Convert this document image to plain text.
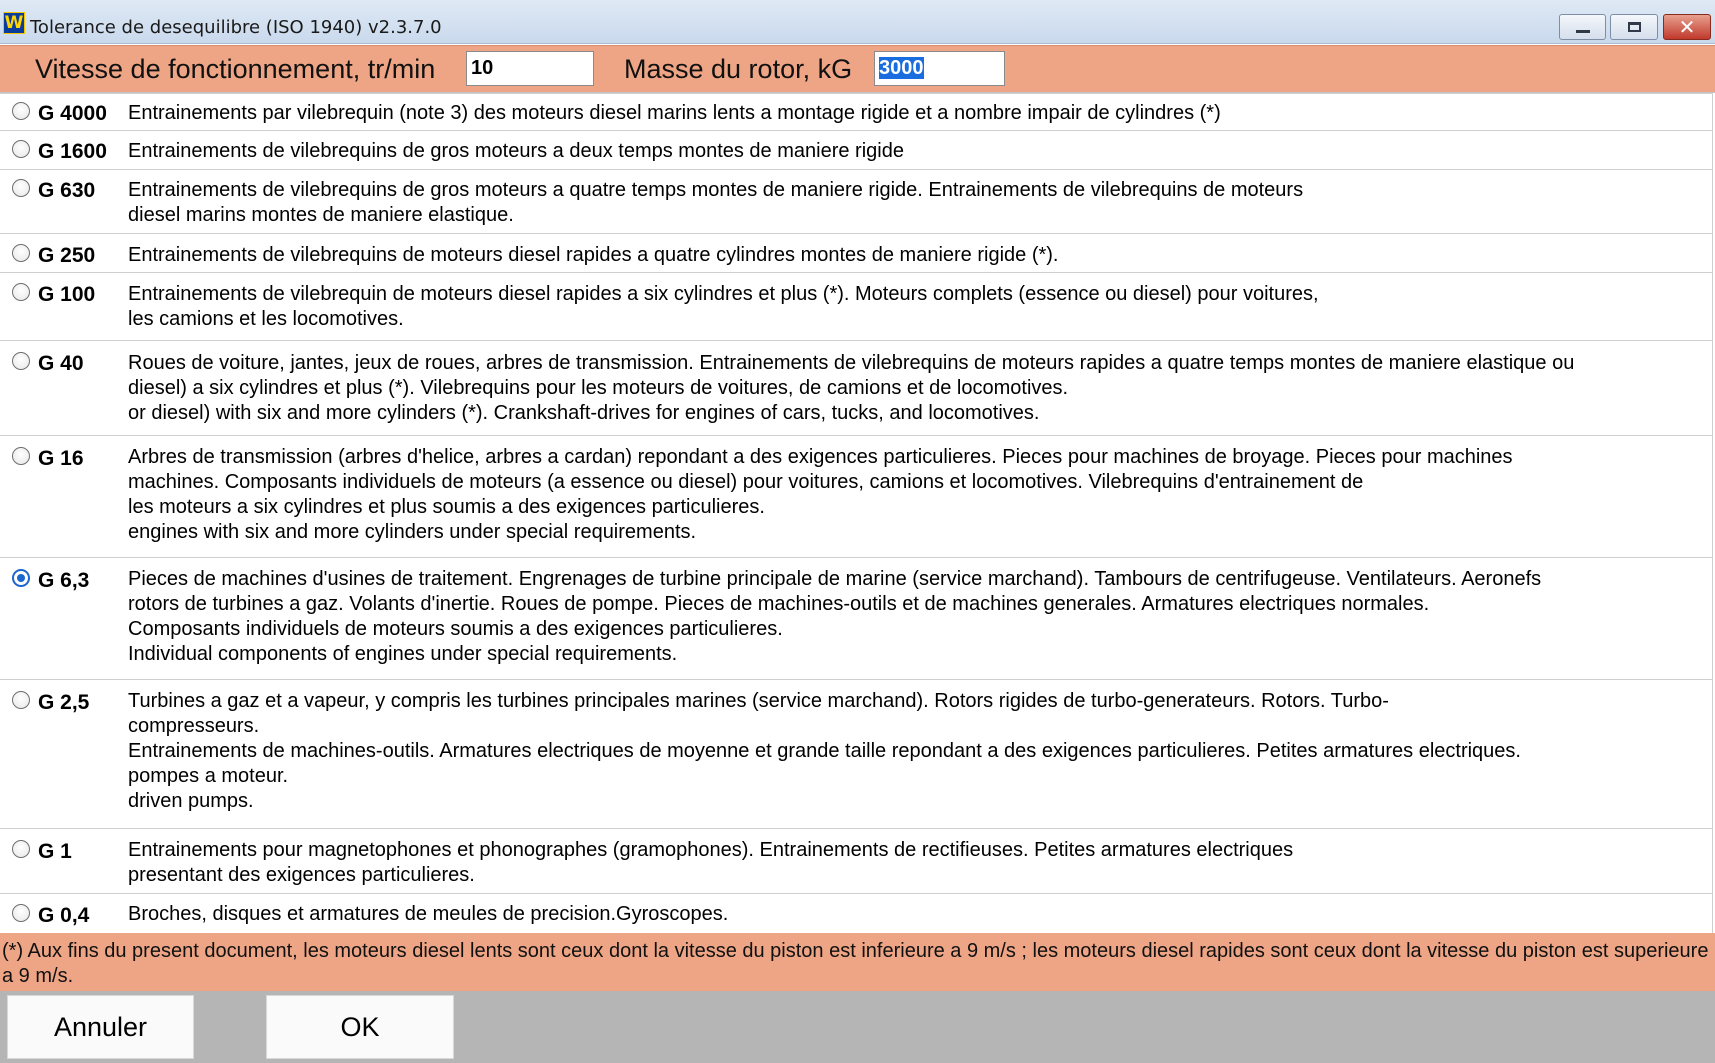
W Tolerance de desequilibre (ISO 1940) v2.3.7.0	✕
Vitesse de fonctionnement, tr/min 10	Masse du rotor, kG 3000
G 4000 Entrainements par vilebrequin (note 3) des moteurs diesel marins lents a montage rigide et a nombre impair de cylindres (*)
G 1600 Entrainements de vilebrequins de gros moteurs a deux temps montes de maniere rigide
G 630 Entrainements de vilebrequins de gros moteurs a quatre temps montes de maniere rigide. Entrainements de vilebrequins de moteurs
diesel marins montes de maniere elastique.
G 250 Entrainements de vilebrequins de moteurs diesel rapides a quatre cylindres montes de maniere rigide (*).
G 100 Entrainements de vilebrequin de moteurs diesel rapides a six cylindres et plus (*). Moteurs complets (essence ou diesel) pour voitures,
les camions et les locomotives.
G 40 Roues de voiture, jantes, jeux de roues, arbres de transmission. Entrainements de vilebrequins de moteurs rapides a quatre temps montes de maniere elastique ou
diesel) a six cylindres et plus (*). Vilebrequins pour les moteurs de voitures, de camions et de locomotives.
or diesel) with six and more cylinders (*). Crankshaft-drives for engines of cars, tucks, and locomotives.
G 16 Arbres de transmission (arbres d'helice, arbres a cardan) repondant a des exigences particulieres. Pieces pour machines de broyage. Pieces pour machines
machines. Composants individuels de moteurs (a essence ou diesel) pour voitures, camions et locomotives. Vilebrequins d'entrainement de
les moteurs a six cylindres et plus soumis a des exigences particulieres.
engines with six and more cylinders under special requirements.
G 6,3 Pieces de machines d'usines de traitement. Engrenages de turbine principale de marine (service marchand). Tambours de centrifugeuse. Ventilateurs. Aeronefs
rotors de turbines a gaz. Volants d'inertie. Roues de pompe. Pieces de machines-outils et de machines generales. Armatures electriques normales.
Composants individuels de moteurs soumis a des exigences particulieres.
Individual components of engines under special requirements.
G 2,5 Turbines a gaz et a vapeur, y compris les turbines principales marines (service marchand). Rotors rigides de turbo-generateurs. Rotors. Turbo-
compresseurs.
Entrainements de machines-outils. Armatures electriques de moyenne et grande taille repondant a des exigences particulieres. Petites armatures electriques.
pompes a moteur.
driven pumps.
G 1	Entrainements pour magnetophones et phonographes (gramophones). Entrainements de rectifieuses. Petites armatures electriques
presentant des exigences particulieres.
G 0,4 Broches, disques et armatures de meules de precision.Gyroscopes.
(*) Aux fins du present document, les moteurs diesel lents sont ceux dont la vitesse du piston est inferieure a 9 m/s ; les moteurs diesel rapides sont ceux dont la vitesse du piston est superieure a 9 m/s.
Annuler	OK
